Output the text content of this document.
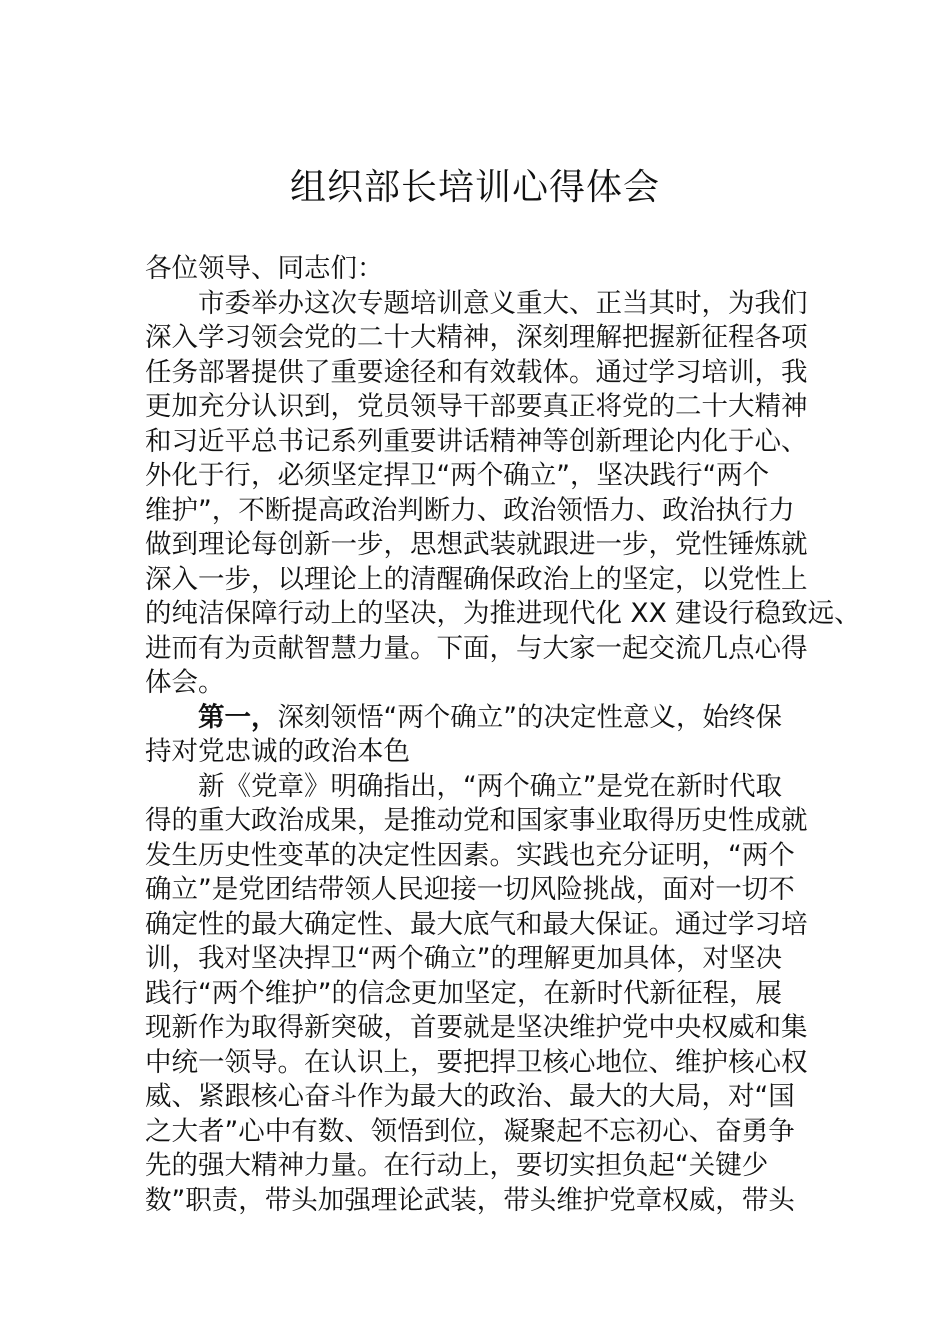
组织部长培训心得体会
各位领导、同志们：
市委举办这次专题培训意义重大、正当其时，为我们
深入学习领会党的二十大精神，深刻理解把握新征程各项
任务部署提供了重要途径和有效载体。通过学习培训，我
更加充分认识到，党员领导干部要真正将党的二十大精神
和习近平总书记系列重要讲话精神等创新理论内化于心、
外化于行，必须坚定捍卫“两个确立”，坚决践行“两个
维护”，不断提高政治判断力、政治领悟力、政治执行力
做到理论每创新一步，思想武装就跟进一步，党性锤炼就
深入一步，以理论上的清醒确保政治上的坚定，以党性上
的纯洁保障行动上的坚决，为推进现代化 XX 建设行稳致远、
进而有为贡献智慧力量。下面，与大家一起交流几点心得
体会。
第一，深刻领悟“两个确立”的决定性意义，始终保
持对党忠诚的政治本色
新《党章》明确指出，“两个确立”是党在新时代取
得的重大政治成果，是推动党和国家事业取得历史性成就
发生历史性变革的决定性因素。实践也充分证明，“两个
确立”是党团结带领人民迎接一切风险挑战，面对一切不
确定性的最大确定性、最大底气和最大保证。通过学习培
训，我对坚决捍卫“两个确立”的理解更加具体，对坚决
践行“两个维护”的信念更加坚定，在新时代新征程，展
现新作为取得新突破，首要就是坚决维护党中央权威和集
中统一领导。在认识上，要把捍卫核心地位、维护核心权
威、紧跟核心奋斗作为最大的政治、最大的大局，对“国
之大者”心中有数、领悟到位，凝聚起不忘初心、奋勇争
先的强大精神力量。在行动上，要切实担负起“关键少
数”职责，带头加强理论武装，带头维护党章权威，带头
